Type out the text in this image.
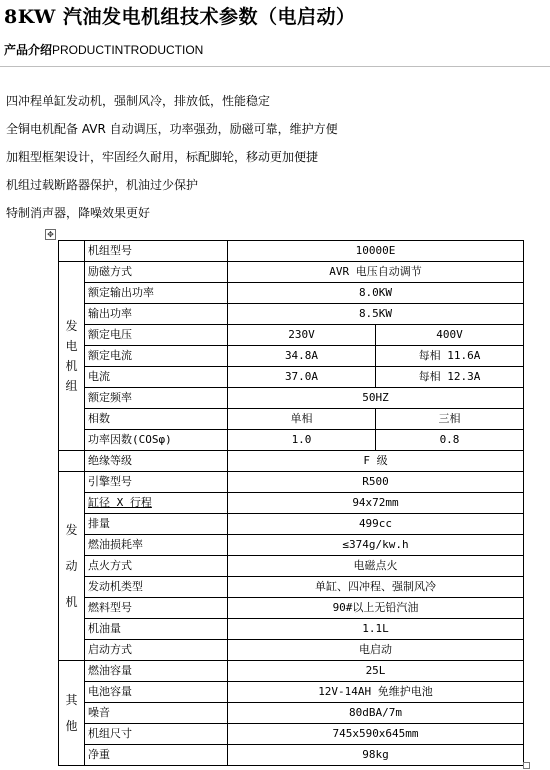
8KW 汽油发电机组技术参数（电启动）
产品介绍PRODUCTINTRODUCTION
四冲程单缸发动机，强制风冷，排放低，性能稳定
全铜电机配备 AVR 自动调压，功率强劲，励磁可靠，维护方便
加粗型框架设计，牢固经久耐用，标配脚轮，移动更加便捷
机组过载断路器保护，机油过少保护
特制消声器，降噪效果更好
✥
	机组型号	10000E	
发电机组	励磁方式	AVR 电压自动调节	
	额定输出功率	8.0KW	
	输出功率	8.5KW	
	额定电压	230V	400V
	额定电流	34.8A	每相 11.6A
	电流	37.0A	每相 12.3A
	额定频率	50HZ	
	相数	单相	三相
	功率因数(COSφ)	1.0	0.8
	绝缘等级	F 级	
发动机	引擎型号	R500	
	缸径 X 行程	94x72mm	
	排量	499cc	
	燃油损耗率	≤374g/kw.h	
	点火方式	电磁点火	
	发动机类型	单缸、四冲程、强制风冷	
	燃料型号	90#以上无铅汽油	
	机油量	1.1L	
	启动方式	电启动	
其他	燃油容量	25L	
	电池容量	12V-14AH 免维护电池	
	噪音	80dBA/7m	
	机组尺寸	745x590x645mm	
	净重	98kg	
